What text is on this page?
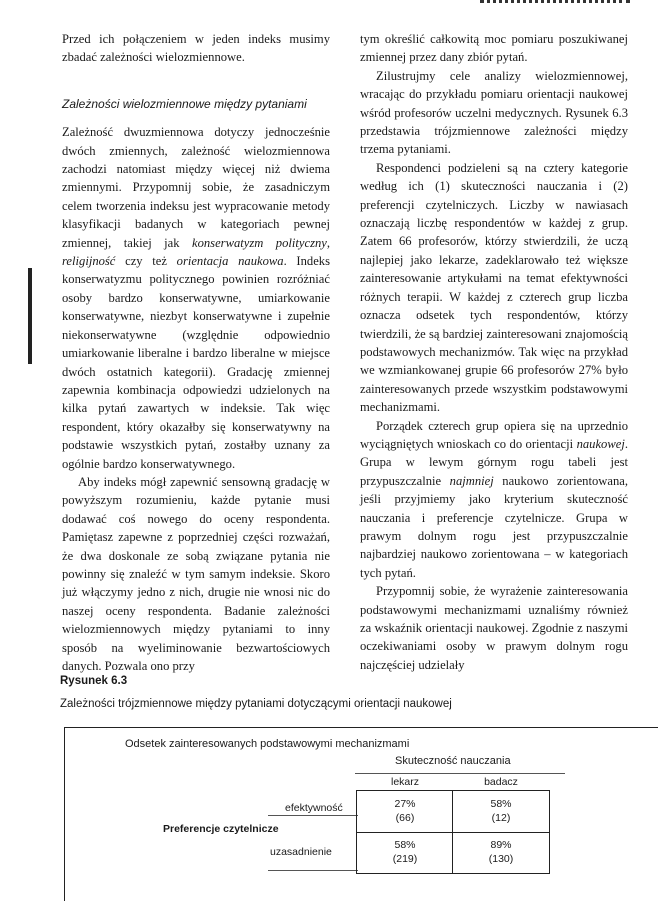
Przed ich połączeniem w jeden indeks musimy zbadać zależności wielozmiennowe.

Zależności wielozmiennowe między pytaniami

Zależność dwuzmiennowa dotyczy jednocześnie dwóch zmiennych, zależność wielozmiennowa zachodzi natomiast między więcej niż dwiema zmiennymi. Przypomnij sobie, że zasadniczym celem tworzenia indeksu jest wypracowanie metody klasyfikacji badanych w kategoriach pewnej zmiennej, takiej jak konserwatyzm polityczny, religijność czy też orientacja naukowa. Indeks konserwatyzmu politycznego powinien rozróżniać osoby bardzo konserwatywne, umiarkowanie konserwatywne, niezbyt konserwatywne i zupełnie niekonserwatywne (względnie odpowiednio umiarkowanie liberalne i bardzo liberalne w miejsce dwóch ostatnich kategorii). Gradację zmiennej zapewnia kombinacja odpowiedzi udzielonych na kilka pytań zawartych w indeksie. Tak więc respondent, który okazałby się konserwatywny na podstawie wszystkich pytań, zostałby uznany za ogólnie bardzo konserwatywnego.

Aby indeks mógł zapewnić sensowną gradację w powyższym rozumieniu, każde pytanie musi dodawać coś nowego do oceny respondenta. Pamiętasz zapewne z poprzedniej części rozważań, że dwa doskonale ze sobą związane pytania nie powinny się znaleźć w tym samym indeksie. Skoro już włączymy jedno z nich, drugie nie wnosi nic do naszej oceny respondenta. Badanie zależności wielozmiennowych między pytaniami to inny sposób na wyeliminowanie bezwartościowych danych. Pozwala ono przy

tym określić całkowitą moc pomiaru poszukiwanej zmiennej przez dany zbiór pytań.

Zilustrujmy cele analizy wielozmiennowej, wracając do przykładu pomiaru orientacji naukowej wśród profesorów uczelni medycznych. Rysunek 6.3 przedstawia trójzmiennowe zależności między trzema pytaniami.

Respondenci podzieleni są na cztery kategorie według ich (1) skuteczności nauczania i (2) preferencji czytelniczych. Liczby w nawiasach oznaczają liczbę respondentów w każdej z grup. Zatem 66 profesorów, którzy stwierdzili, że uczą najlepiej jako lekarze, zadeklarowało też większe zainteresowanie artykułami na temat efektywności różnych terapii. W każdej z czterech grup liczba oznacza odsetek tych respondentów, którzy twierdzili, że są bardziej zainteresowani znajomością podstawowych mechanizmów. Tak więc na przykład we wzmiankowanej grupie 66 profesorów 27% było zainteresowanych przede wszystkim podstawowymi mechanizmami.

Porządek czterech grup opiera się na uprzednio wyciągniętych wnioskach co do orientacji naukowej. Grupa w lewym górnym rogu tabeli jest przypuszczalnie najmniej naukowo zorientowana, jeśli przyjmiemy jako kryterium skuteczność nauczania i preferencje czytelnicze. Grupa w prawym dolnym rogu jest przypuszczalnie najbardziej naukowo zorientowana – w kategoriach tych pytań.

Przypomnij sobie, że wyrażenie zainteresowania podstawowymi mechanizmami uznaliśmy również za wskaźnik orientacji naukowej. Zgodnie z naszymi oczekiwaniami osoby w prawym dolnym rogu najczęściej udzielały

Rysunek 6.3
Zależności trójzmiennowe między pytaniami dotyczącymi orientacji naukowej
Odsetek zainteresowanych podstawowymi mechanizmami
Skuteczność nauczania
lekarz	badacz
Preferencje czytelnicze
efektywność
uzasadnienie
27%
(66)
58%
(12)
58%
(219)
89%
(130)
